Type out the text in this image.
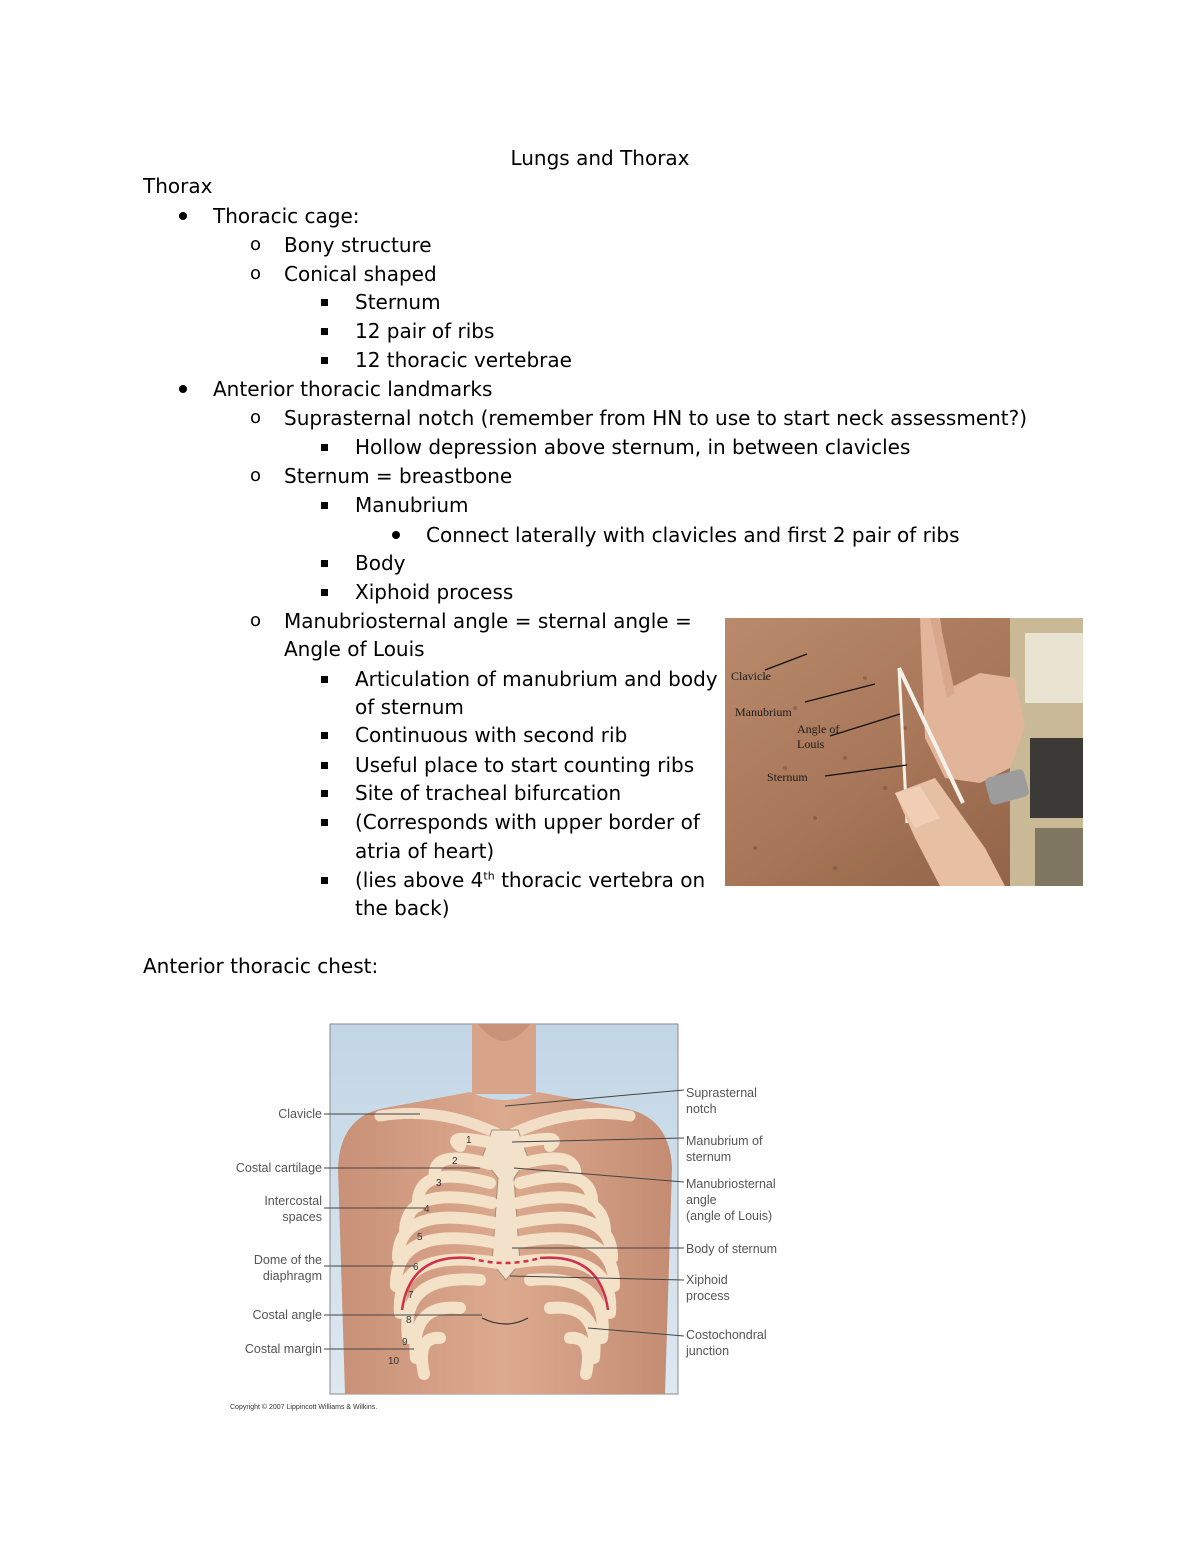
Lungs and Thorax
Thorax
Thoracic cage:
o Bony structure
o Conical shaped
Sternum
12 pair of ribs
12 thoracic vertebrae
Anterior thoracic landmarks
o Suprasternal notch (remember from HN to use to start neck assessment?)
Hollow depression above sternum, in between clavicles
o Sternum = breastbone
Manubrium
Connect laterally with clavicles and first 2 pair of ribs
Body
Xiphoid process
o Manubriosternal angle = sternal angle =
Angle of Louis
Articulation of manubrium and body
of sternum
Continuous with second rib
Useful place to start counting ribs
Site of tracheal bifurcation
(Corresponds with upper border of
atria of heart)
(lies above 4th thoracic vertebra on
the back)
Clavicle
Manubrium
Angle of
Louis
Sternum
Anterior thoracic chest:
1
2
3
4
5
6
7
8
9
10
Clavicle
Costal cartilage
Intercostal
spaces
Dome of the
diaphragm
Costal angle
Costal margin
Suprasternal
notch
Manubrium of
sternum
Manubriosternal
angle
(angle of Louis)
Body of sternum
Xiphoid
process
Costochondral
junction
Copyright © 2007 Lippincott Williams & Wilkins.
